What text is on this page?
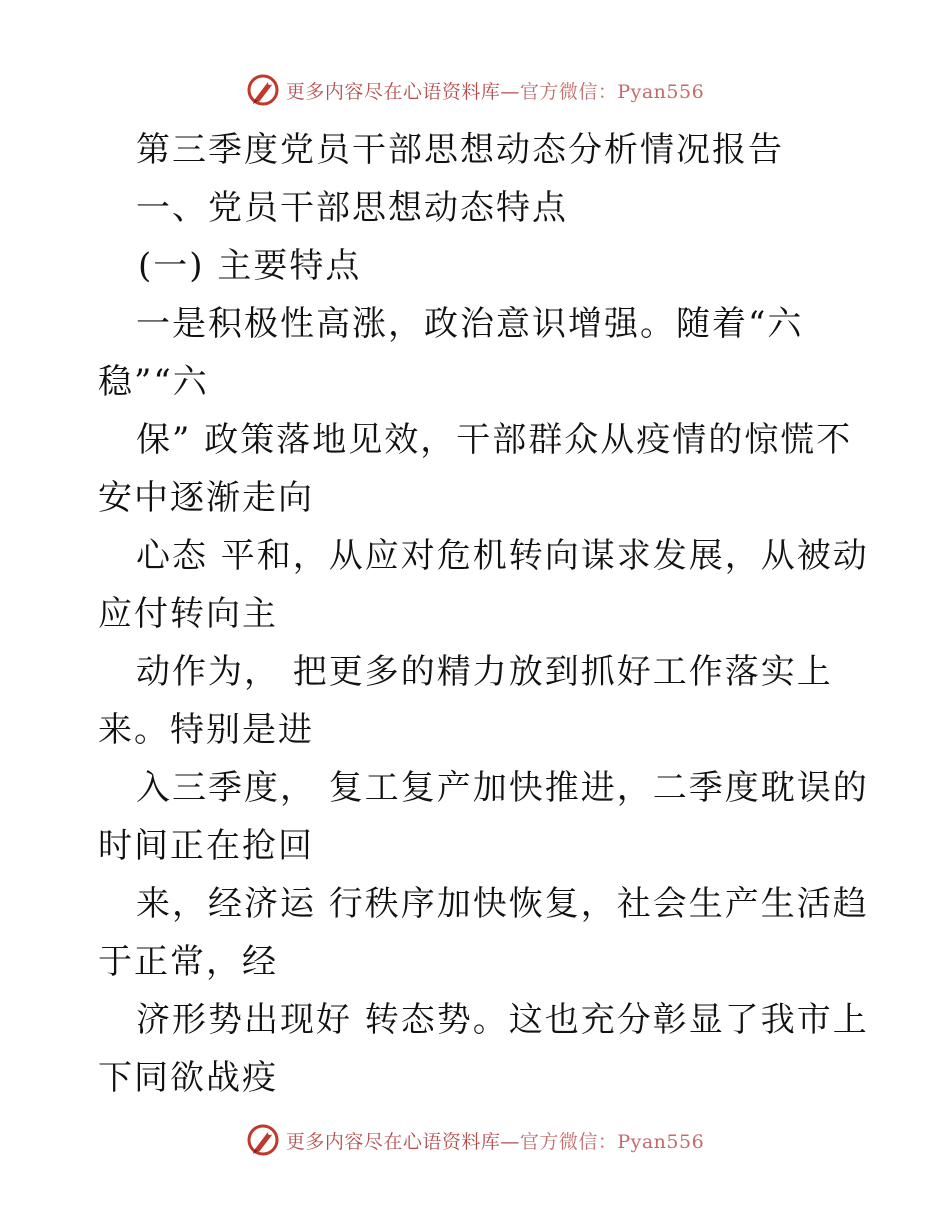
更多内容尽在心语资料库—官方微信：Pyan556
第三季度党员干部思想动态分析情况报告
一、党员干部思想动态特点
(一) 主要特点
一是积极性高涨，政治意识增强。随着“六
稳”“六
保” 政策落地见效，干部群众从疫情的惊慌不
安中逐渐走向
心态 平和，从应对危机转向谋求发展，从被动
应付转向主
动作为， 把更多的精力放到抓好工作落实上
来。特别是进
入三季度， 复工复产加快推进，二季度耽误的
时间正在抢回
来，经济运 行秩序加快恢复，社会生产生活趋
于正常，经
济形势出现好 转态势。这也充分彰显了我市上
下同欲战疫
更多内容尽在心语资料库—官方微信：Pyan556
